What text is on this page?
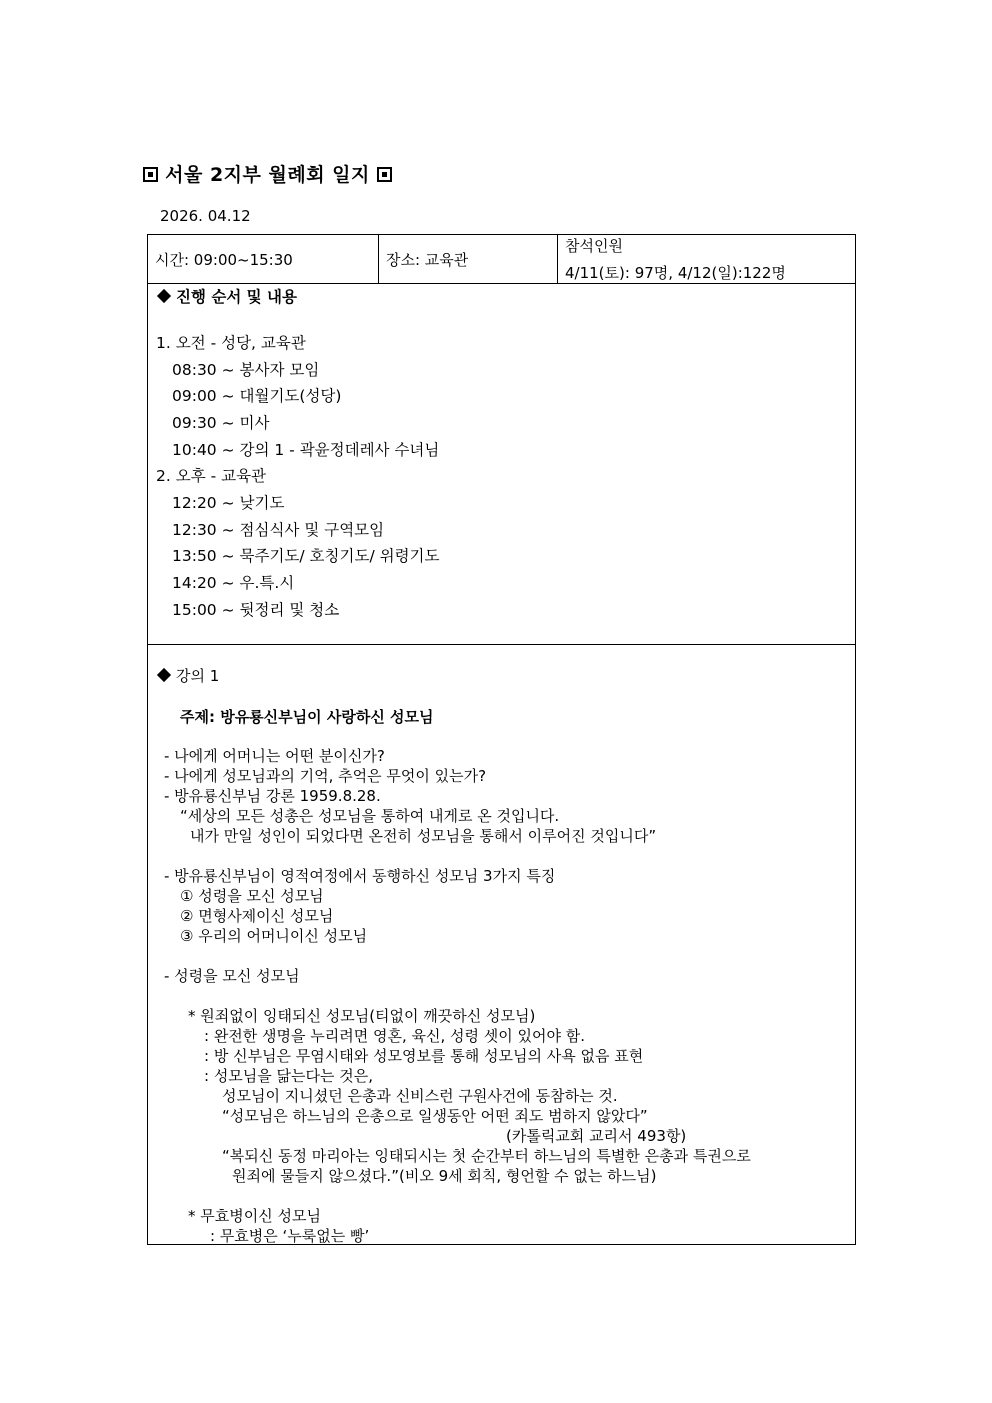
서울 2지부 월례회 일지
2026. 04.12
시간: 09:00~15:30	장소: 교육관
참석인원
4/11(토): 97명, 4/12(일):122명
진행 순서 및 내용
1. 오전 - 성당, 교육관
08:30 ~ 봉사자 모임
09:00 ~ 대월기도(성당)
09:30 ~ 미사
10:40 ~ 강의 1 - 곽윤정데레사 수녀님
2. 오후 - 교육관
12:20 ~ 낮기도
12:30 ~ 점심식사 및 구역모임
13:50 ~ 묵주기도/ 호칭기도/ 위령기도
14:20 ~ 우.특.시
15:00 ~ 뒷정리 및 청소
강의 1
주제: 방유룡신부님이 사랑하신 성모님
- 나에게 어머니는 어떤 분이신가?
- 나에게 성모님과의 기억, 추억은 무엇이 있는가?
- 방유룡신부님 강론 1959.8.28.
“세상의 모든 성총은 성모님을 통하여 내게로 온 것입니다.
내가 만일 성인이 되었다면 온전히 성모님을 통해서 이루어진 것입니다”
- 방유룡신부님이 영적여정에서 동행하신 성모님 3가지 특징
① 성령을 모신 성모님
② 면형사제이신 성모님
③ 우리의 어머니이신 성모님
- 성령을 모신 성모님
* 원죄없이 잉태되신 성모님(티없이 깨끗하신 성모님)
: 완전한 생명을 누리려면 영혼, 육신, 성령 셋이 있어야 함.
: 방 신부님은 무염시태와 성모영보를 통해 성모님의 사욕 없음 표현
: 성모님을 닮는다는 것은,
성모님이 지니셨던 은총과 신비스런 구원사건에 동참하는 것.
“성모님은 하느님의 은총으로 일생동안 어떤 죄도 범하지 않았다”
(카톨릭교회 교리서 493항)
“복되신 동정 마리아는 잉태되시는 첫 순간부터 하느님의 특별한 은총과 특권으로
원죄에 물들지 않으셨다.”(비오 9세 회칙, 형언할 수 없는 하느님)
* 무효병이신 성모님
: 무효병은 ‘누룩없는 빵’
